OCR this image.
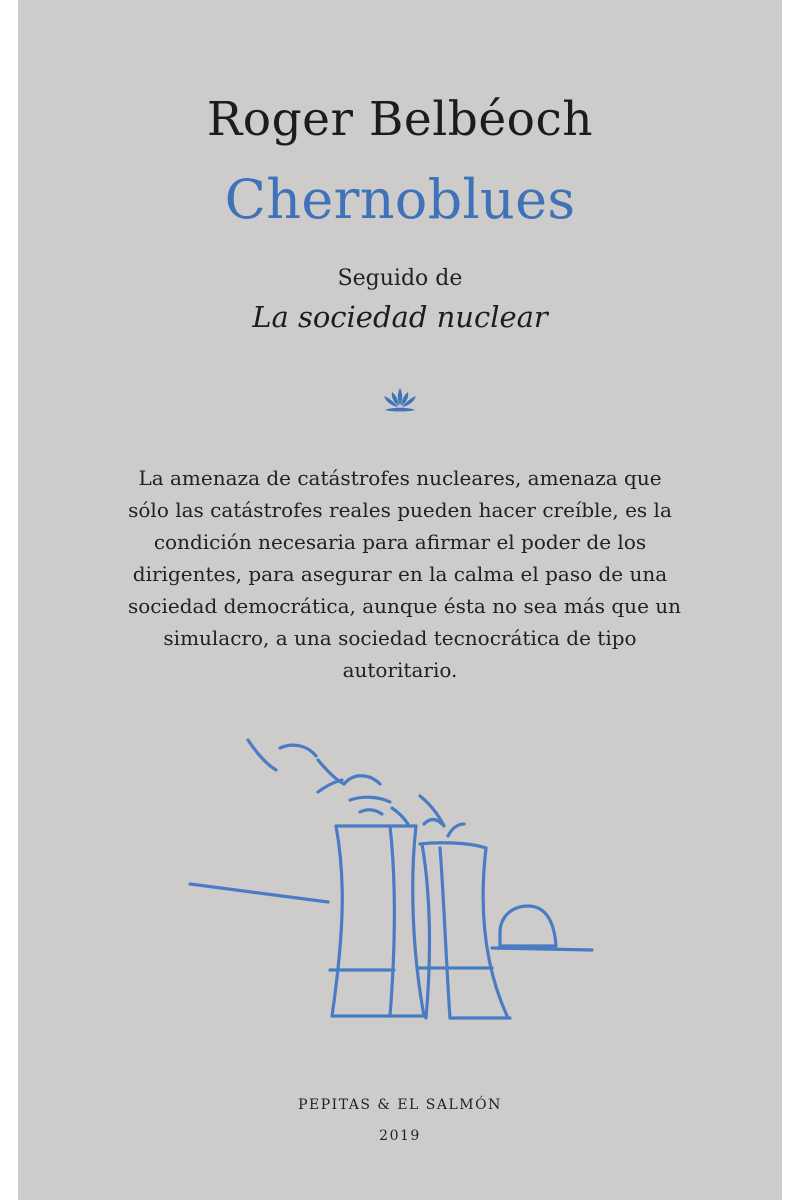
Roger Belbéoch
Chernoblues

Seguido de

La sociedad nuclear

La amenaza de catástrofes nucleares, amenaza que
sólo las catástrofes reales pueden hacer creíble, es la
condición necesaria para afirmar el poder de los
dirigentes, para asegurar en la calma el paso de una
sociedad democrática, aunque ésta no sea más que un
simulacro, a una sociedad tecnocrática de tipo
autoritario.

PEPITAS & EL SALMÓN

2019
